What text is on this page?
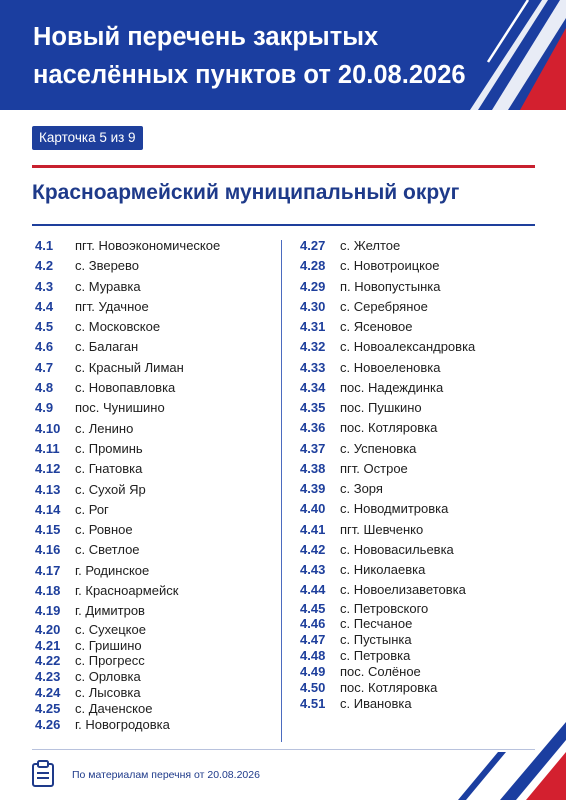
Новый перечень закрытых
населённых пунктов от 20.08.2026
Карточка 5 из 9
Красноармейский муниципальный округ
4.1 пгт. Новоэкономическое
4.2 с. Зверево
4.3 с. Муравка
4.4 пгт. Удачное
4.5 с. Московское
4.6 с. Балаган
4.7 с. Красный Лиман
4.8 с. Новопавловка
4.9 пос. Чунишино
4.10 с. Ленино
4.11 с. Проминь
4.12 с. Гнатовка
4.13 с. Сухой Яр
4.14 с. Рог
4.15 с. Ровное
4.16 с. Светлое
4.17 г. Родинское
4.18 г. Красноармейск
4.19 г. Димитров
4.20 с. Сухецкое
4.21 с. Гришино
4.22 с. Прогресс
4.23 с. Орловка
4.24 с. Лысовка
4.25 с. Даченское
4.26 г. Новогродовка
4.27 с. Желтое
4.28 с. Новотроицкое
4.29 п. Новопустынка
4.30 с. Серебряное
4.31 с. Ясеновое
4.32 с. Новоалександровка
4.33 с. Новоеленовка
4.34 пос. Надеждинка
4.35 пос. Пушкино
4.36 пос. Котляровка
4.37 с. Успеновка
4.38 пгт. Острое
4.39 с. Зоря
4.40 с. Новодмитровка
4.41 пгт. Шевченко
4.42 с. Нововасильевка
4.43 с. Николаевка
4.44 с. Новоелизаветовка
4.45 с. Петровского
4.46 с. Песчаное
4.47 с. Пустынка
4.48 с. Петровка
4.49 пос. Солёное
4.50 пос. Котляровка
4.51 с. Ивановка
По материалам перечня от 20.08.2026
